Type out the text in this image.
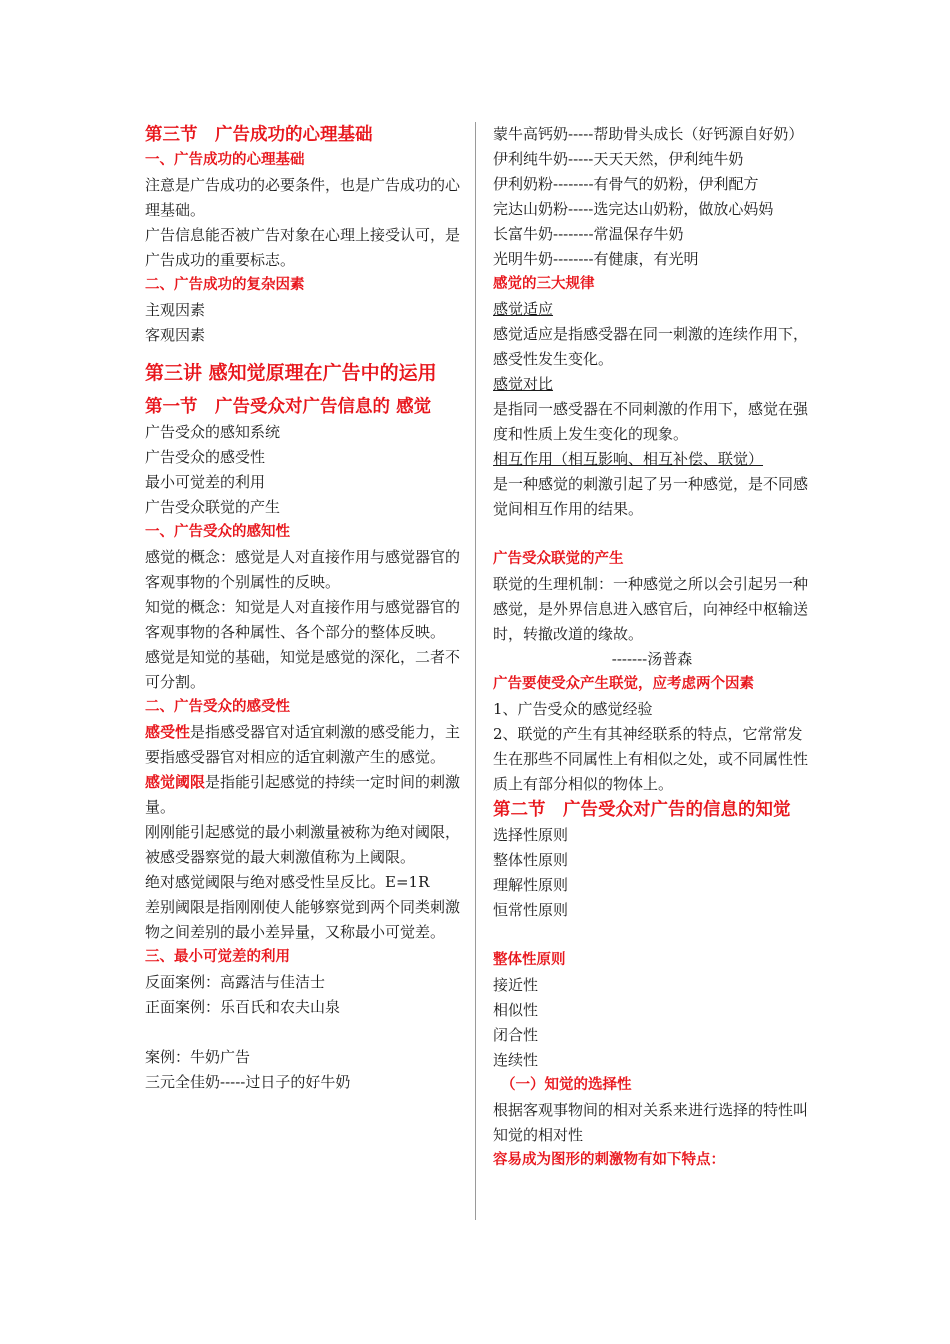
第三节　广告成功的心理基础

一、广告成功的心理基础

注意是广告成功的必要条件，也是广告成功的心理基础。

广告信息能否被广告对象在心理上接受认可，是广告成功的重要标志。

二、广告成功的复杂因素

主观因素

客观因素

第三讲 感知觉原理在广告中的运用

第一节　广告受众对广告信息的 感觉

广告受众的感知系统

广告受众的感受性

最小可觉差的利用

广告受众联觉的产生

一、广告受众的感知性

感觉的概念：感觉是人对直接作用与感觉器官的客观事物的个别属性的反映。

知觉的概念：知觉是人对直接作用与感觉器官的客观事物的各种属性、各个部分的整体反映。

感觉是知觉的基础，知觉是感觉的深化，二者不可分割。

二、广告受众的感受性

感受性是指感受器官对适宜刺激的感受能力，主要指感受器官对相应的适宜刺激产生的感觉。

感觉阈限是指能引起感觉的持续一定时间的刺激量。

刚刚能引起感觉的最小刺激量被称为绝对阈限，被感受器察觉的最大刺激值称为上阈限。

绝对感觉阈限与绝对感受性呈反比。E=1R

差别阈限是指刚刚使人能够察觉到两个同类刺激物之间差别的最小差异量，又称最小可觉差。

三、最小可觉差的利用

反面案例：高露洁与佳洁士

正面案例：乐百氏和农夫山泉

案例：牛奶广告

三元全佳奶-----过日子的好牛奶

蒙牛高钙奶-----帮助骨头成长（好钙源自好奶）

伊利纯牛奶-----天天天然，伊利纯牛奶

伊利奶粉--------有骨气的奶粉，伊利配方

完达山奶粉-----选完达山奶粉，做放心妈妈

长富牛奶--------常温保存牛奶

光明牛奶--------有健康，有光明

感觉的三大规律

感觉适应

感觉适应是指感受器在同一刺激的连续作用下，感受性发生变化。

感觉对比

是指同一感受器在不同刺激的作用下，感觉在强度和性质上发生变化的现象。

相互作用（相互影响、相互补偿、联觉）

是一种感觉的刺激引起了另一种感觉，是不同感觉间相互作用的结果。

广告受众联觉的产生

联觉的生理机制：一种感觉之所以会引起另一种感觉，是外界信息进入感官后，向神经中枢输送时，转撤改道的缘故。

-------汤普森

广告要使受众产生联觉，应考虑两个因素

1、广告受众的感觉经验

2、联觉的产生有其神经联系的特点，它常常发生在那些不同属性上有相似之处，或不同属性性质上有部分相似的物体上。

第二节　广告受众对广告的信息的知觉

选择性原则

整体性原则

理解性原则

恒常性原则

整体性原则

接近性

相似性

闭合性

连续性

（一）知觉的选择性

根据客观事物间的相对关系来进行选择的特性叫知觉的相对性

容易成为图形的刺激物有如下特点：
